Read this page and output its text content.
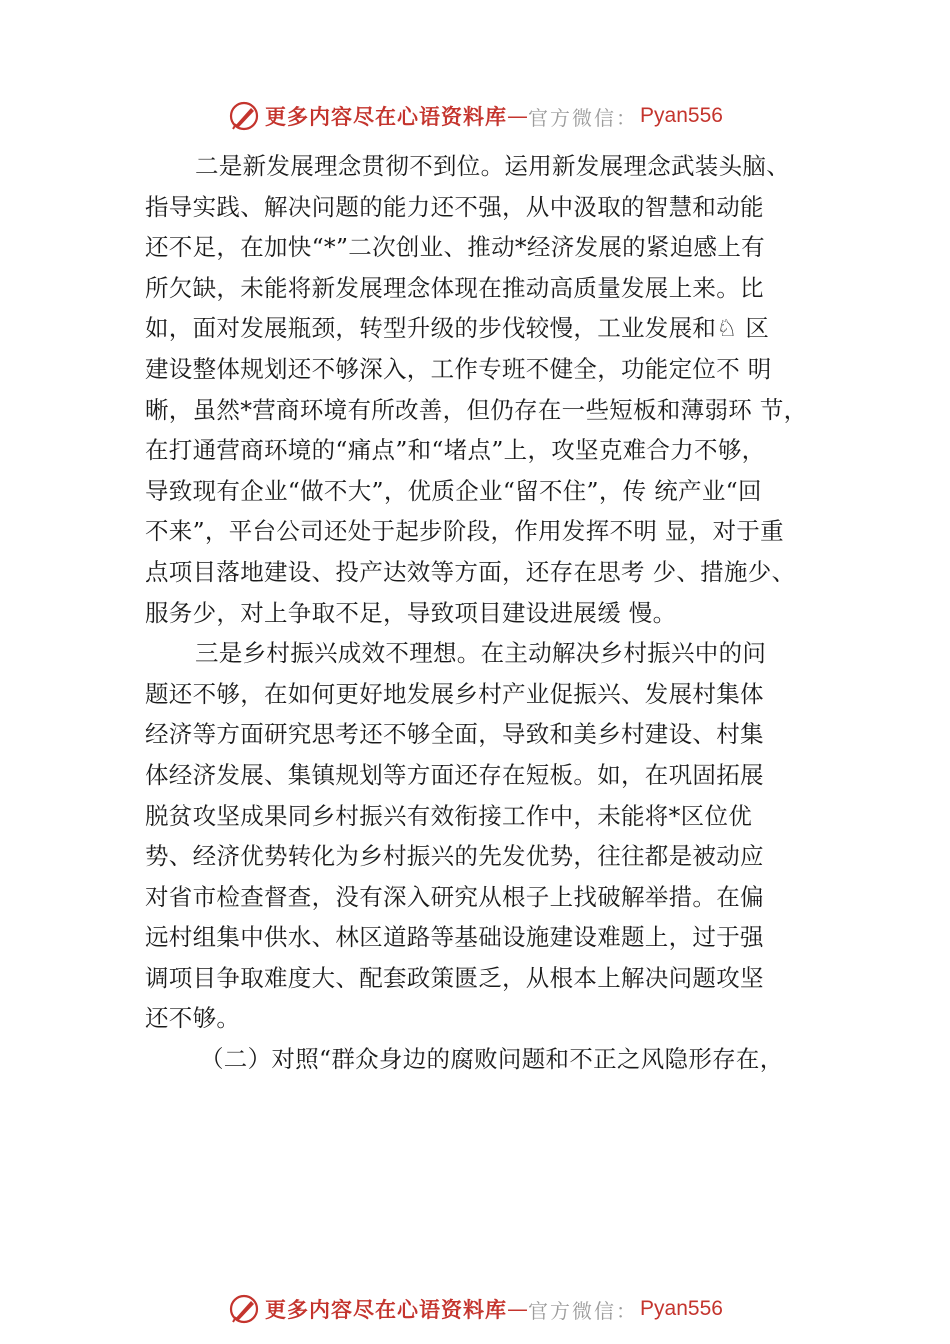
更多内容尽在心语资料库 — 官方微信： Pyan556
二是新发展理念贯彻不到位。运用新发展理念武装头脑、
指导实践、解决问题的能力还不强，从中汲取的智慧和动能
还不足，在加快“*”二次创业、推动*经济发展的紧迫感上有
所欠缺，未能将新发展理念体现在推动高质量发展上来。比
如，面对发展瓶颈，转型升级的步伐较慢，工业发展和♘ 区
建设整体规划还不够深入，工作专班不健全，功能定位不 明
晰，虽然*营商环境有所改善，但仍存在一些短板和薄弱环 节，
在打通营商环境的“痛点”和“堵点”上，攻坚克难合力不够，
导致现有企业“做不大”，优质企业“留不住”，传 统产业“回
不来”，平台公司还处于起步阶段，作用发挥不明 显，对于重
点项目落地建设、投产达效等方面，还存在思考 少、措施少、
服务少，对上争取不足，导致项目建设进展缓 慢。
三是乡村振兴成效不理想。在主动解决乡村振兴中的问
题还不够，在如何更好地发展乡村产业促振兴、发展村集体
经济等方面研究思考还不够全面，导致和美乡村建设、村集
体经济发展、集镇规划等方面还存在短板。如，在巩固拓展
脱贫攻坚成果同乡村振兴有效衔接工作中，未能将*区位优
势、经济优势转化为乡村振兴的先发优势，往往都是被动应
对省市检查督查，没有深入研究从根子上找破解举措。在偏
远村组集中供水、林区道路等基础设施建设难题上，过于强
调项目争取难度大、配套政策匮乏，从根本上解决问题攻坚
还不够。
（二）对照“群众身边的腐败问题和不正之风隐形存在，
更多内容尽在心语资料库 — 官方微信： Pyan556
